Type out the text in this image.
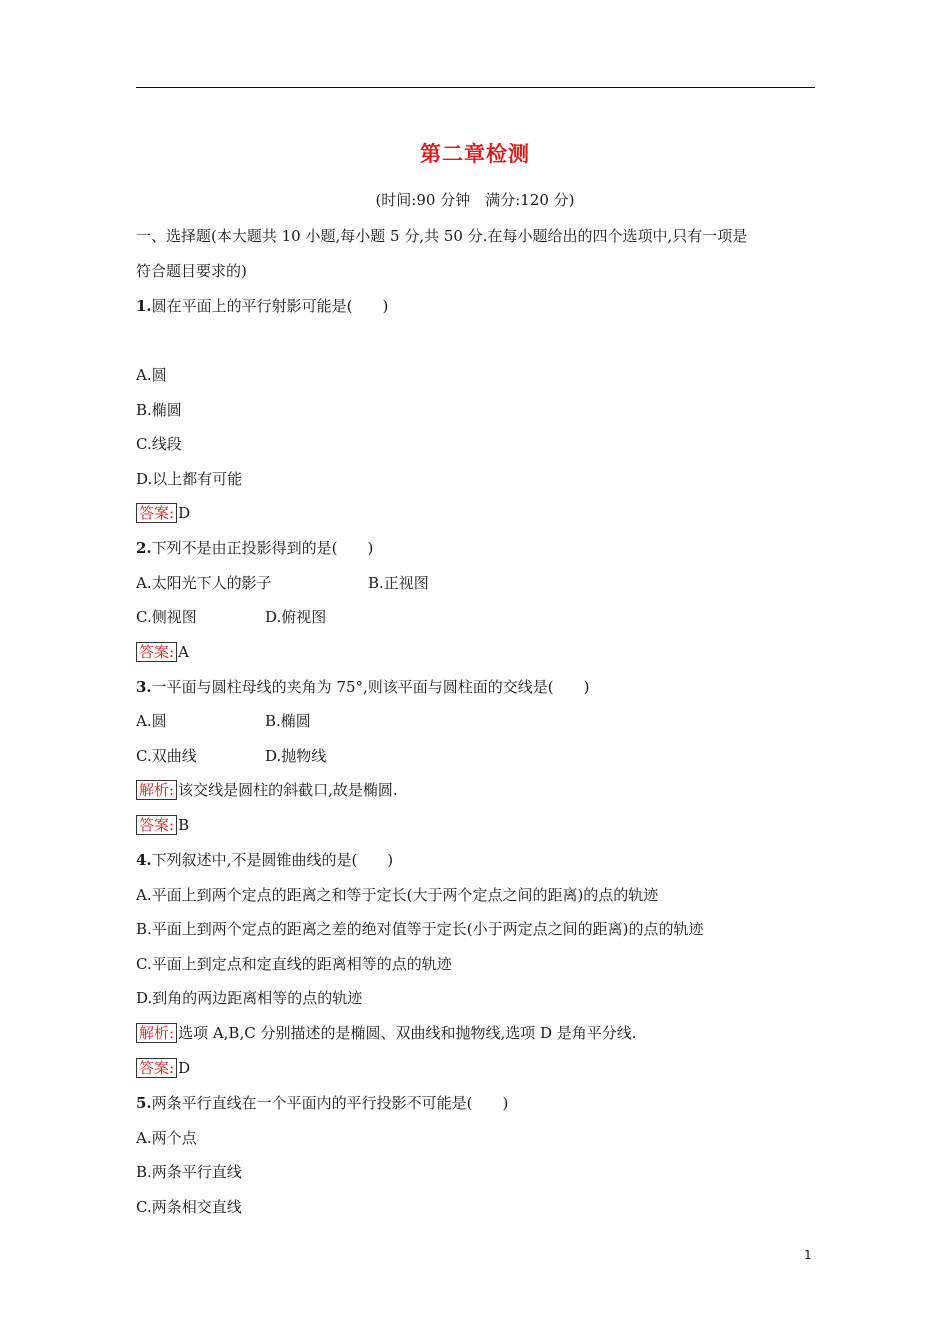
第二章检测
(时间:90 分钟　满分:120 分)
一、选择题(本大题共 10 小题,每小题 5 分,共 50 分.在每小题给出的四个选项中,只有一项是
符合题目要求的)
1.圆在平面上的平行射影可能是(　　)
A.圆
B.椭圆
C.线段
D.以上都有可能
答案: D
2.下列不是由正投影得到的是(　　)
A.太阳光下人的影子	B.正视图
C.侧视图	D.俯视图
答案: A
3.一平面与圆柱母线的夹角为 75°,则该平面与圆柱面的交线是(　　)
A.圆	B.椭圆
C.双曲线	D.抛物线
解析: 该交线是圆柱的斜截口,故是椭圆.
答案: B
4.下列叙述中,不是圆锥曲线的是(　　)
A.平面上到两个定点的距离之和等于定长(大于两个定点之间的距离)的点的轨迹
B.平面上到两个定点的距离之差的绝对值等于定长(小于两定点之间的距离)的点的轨迹
C.平面上到定点和定直线的距离相等的点的轨迹
D.到角的两边距离相等的点的轨迹
解析: 选项 A,B,C 分别描述的是椭圆、双曲线和抛物线,选项 D 是角平分线.
答案: D
5.两条平行直线在一个平面内的平行投影不可能是(　　)
A.两个点
B.两条平行直线
C.两条相交直线
1
